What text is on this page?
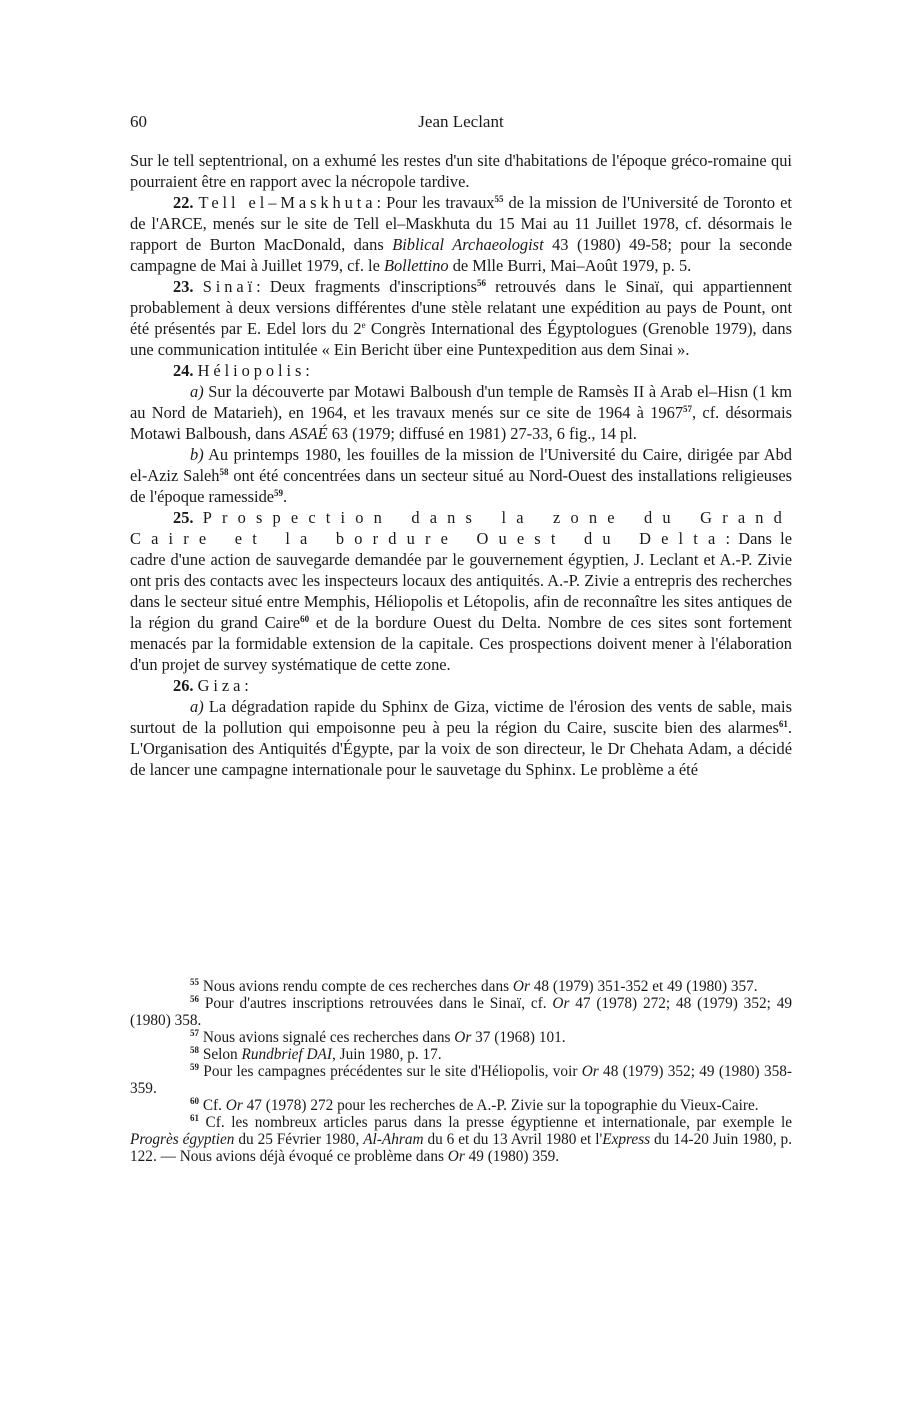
60	Jean Leclant

Sur le tell septentrional, on a exhumé les restes d'un site d'habitations de l'époque gréco-romaine qui pourraient être en rapport avec la nécropole tardive.

22. Tell el–Maskhuta: Pour les travaux$^{55}$ de la mission de l'Université de Toronto et de l'ARCE, menés sur le site de Tell el–Maskhuta du 15 Mai au 11 Juillet 1978, cf. désormais le rapport de Burton MacDonald, dans Biblical Archaeologist 43 (1980) 49-58; pour la seconde campagne de Mai à Juillet 1979, cf. le Bollettino de Mlle Burri, Mai–Août 1979, p. 5.

23. Sinaï: Deux fragments d'inscriptions$^{56}$ retrouvés dans le Sinaï, qui appartiennent probablement à deux versions différentes d'une stèle relatant une expédition au pays de Pount, ont été présentés par E. Edel lors du 2e Congrès International des Égyptologues (Grenoble 1979), dans une communication intitulée « Ein Bericht über eine Puntexpedition aus dem Sinai ».

24. Héliopolis:

a) Sur la découverte par Motawi Balboush d'un temple de Ramsès II à Arab el–Hisn (1 km au Nord de Matarieh), en 1964, et les travaux menés sur ce site de 1964 à 1967$^{57}$, cf. désormais Motawi Balboush, dans ASAÉ 63 (1979; diffusé en 1981) 27-33, 6 fig., 14 pl.

b) Au printemps 1980, les fouilles de la mission de l'Université du Caire, dirigée par Abd el-Aziz Saleh$^{58}$ ont été concentrées dans un secteur situé au Nord-Ouest des installations religieuses de l'époque ramesside$^{59}$.

25. Prospection dans la zone du Grand Caire et la bordure Ouest du Delta: Dans le cadre d'une action de sauvegarde demandée par le gouvernement égyptien, J. Leclant et A.-P. Zivie ont pris des contacts avec les inspecteurs locaux des antiquités. A.-P. Zivie a entrepris des recherches dans le secteur situé entre Memphis, Héliopolis et Létopolis, afin de reconnaître les sites antiques de la région du grand Caire$^{60}$ et de la bordure Ouest du Delta. Nombre de ces sites sont fortement menacés par la formidable extension de la capitale. Ces prospections doivent mener à l'élaboration d'un projet de survey systématique de cette zone.

26. Giza:

a) La dégradation rapide du Sphinx de Giza, victime de l'érosion des vents de sable, mais surtout de la pollution qui empoisonne peu à peu la région du Caire, suscite bien des alarmes$^{61}$. L'Organisation des Antiquités d'Égypte, par la voix de son directeur, le Dr Chehata Adam, a décidé de lancer une campagne internationale pour le sauvetage du Sphinx. Le problème a été

$^{55}$ Nous avions rendu compte de ces recherches dans Or 48 (1979) 351-352 et 49 (1980) 357.

$^{56}$ Pour d'autres inscriptions retrouvées dans le Sinaï, cf. Or 47 (1978) 272; 48 (1979) 352; 49 (1980) 358.

$^{57}$ Nous avions signalé ces recherches dans Or 37 (1968) 101.

$^{58}$ Selon Rundbrief DAI, Juin 1980, p. 17.

$^{59}$ Pour les campagnes précédentes sur le site d'Héliopolis, voir Or 48 (1979) 352; 49 (1980) 358-359.

$^{60}$ Cf. Or 47 (1978) 272 pour les recherches de A.-P. Zivie sur la topographie du Vieux-Caire.

$^{61}$ Cf. les nombreux articles parus dans la presse égyptienne et internationale, par exemple le Progrès égyptien du 25 Février 1980, Al-Ahram du 6 et du 13 Avril 1980 et l'Express du 14-20 Juin 1980, p. 122. — Nous avions déjà évoqué ce problème dans Or 49 (1980) 359.
